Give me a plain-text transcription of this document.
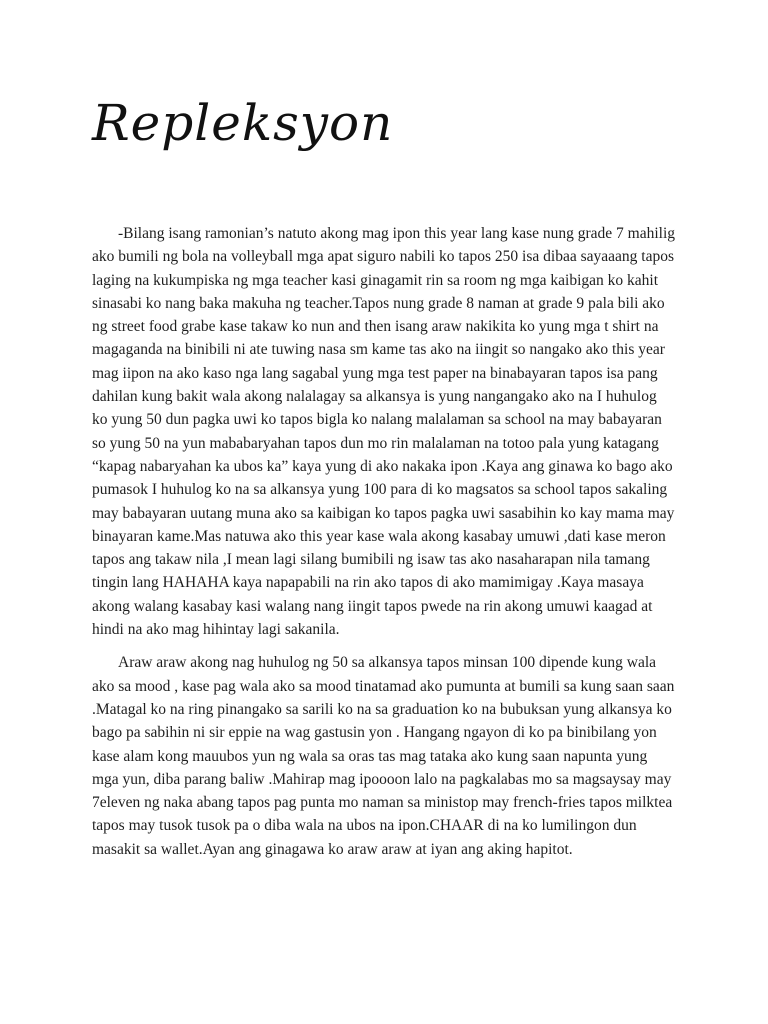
Repleksyon

-Bilang isang ramonian’s natuto akong mag ipon this year lang kase nung grade 7 mahilig ako bumili ng bola na volleyball mga apat siguro nabili ko tapos 250 isa dibaa sayaaang tapos laging na kukumpiska ng mga teacher kasi ginagamit rin sa room ng mga kaibigan ko kahit sinasabi ko nang baka makuha ng teacher.Tapos nung grade 8 naman at grade 9 pala bili ako ng street food grabe kase takaw ko nun and then isang araw nakikita ko yung mga t shirt na magaganda na binibili ni ate tuwing nasa sm kame tas ako na iingit so nangako ako this year mag iipon na ako kaso nga lang sagabal yung mga test paper na binabayaran tapos isa pang dahilan kung bakit wala akong nalalagay sa alkansya is yung nangangako ako na I huhulog ko yung 50 dun pagka uwi ko tapos bigla ko nalang malalaman sa school na may babayaran so yung 50 na yun mababaryahan tapos dun mo rin malalaman na totoo pala yung katagang “kapag nabaryahan ka ubos ka” kaya yung di ako nakaka ipon .Kaya ang ginawa ko bago ako pumasok I huhulog ko na sa alkansya yung 100 para di ko magsatos sa school tapos sakaling may babayaran uutang muna ako sa kaibigan ko tapos pagka uwi sasabihin ko kay mama may binayaran kame.Mas natuwa ako this year kase wala akong kasabay umuwi ,dati kase meron tapos ang takaw nila ,I mean lagi silang bumibili ng isaw tas ako nasaharapan nila tamang tingin lang HAHAHA kaya napapabili na rin ako tapos di ako mamimigay .Kaya masaya akong walang kasabay kasi walang nang iingit tapos pwede na rin akong umuwi kaagad at hindi na ako mag hihintay lagi sakanila.

Araw araw akong nag huhulog ng 50 sa alkansya tapos minsan 100 dipende kung wala ako sa mood , kase pag wala ako sa mood tinatamad ako pumunta at bumili sa kung saan saan .Matagal ko na ring pinangako sa sarili ko na sa graduation ko na bubuksan yung alkansya ko bago pa sabihin ni sir eppie na wag gastusin yon . Hangang ngayon di ko pa binibilang yon kase alam kong mauubos yun ng wala sa oras tas mag tataka ako kung saan napunta yung mga yun, diba parang baliw .Mahirap mag ipoooon lalo na pagkalabas mo sa magsaysay may 7eleven ng naka abang tapos pag punta mo naman sa ministop may french-fries tapos milktea tapos may tusok tusok pa o diba wala na ubos na ipon.CHAAR di na ko lumilingon dun masakit sa wallet.Ayan ang ginagawa ko araw araw at iyan ang aking hapitot.
